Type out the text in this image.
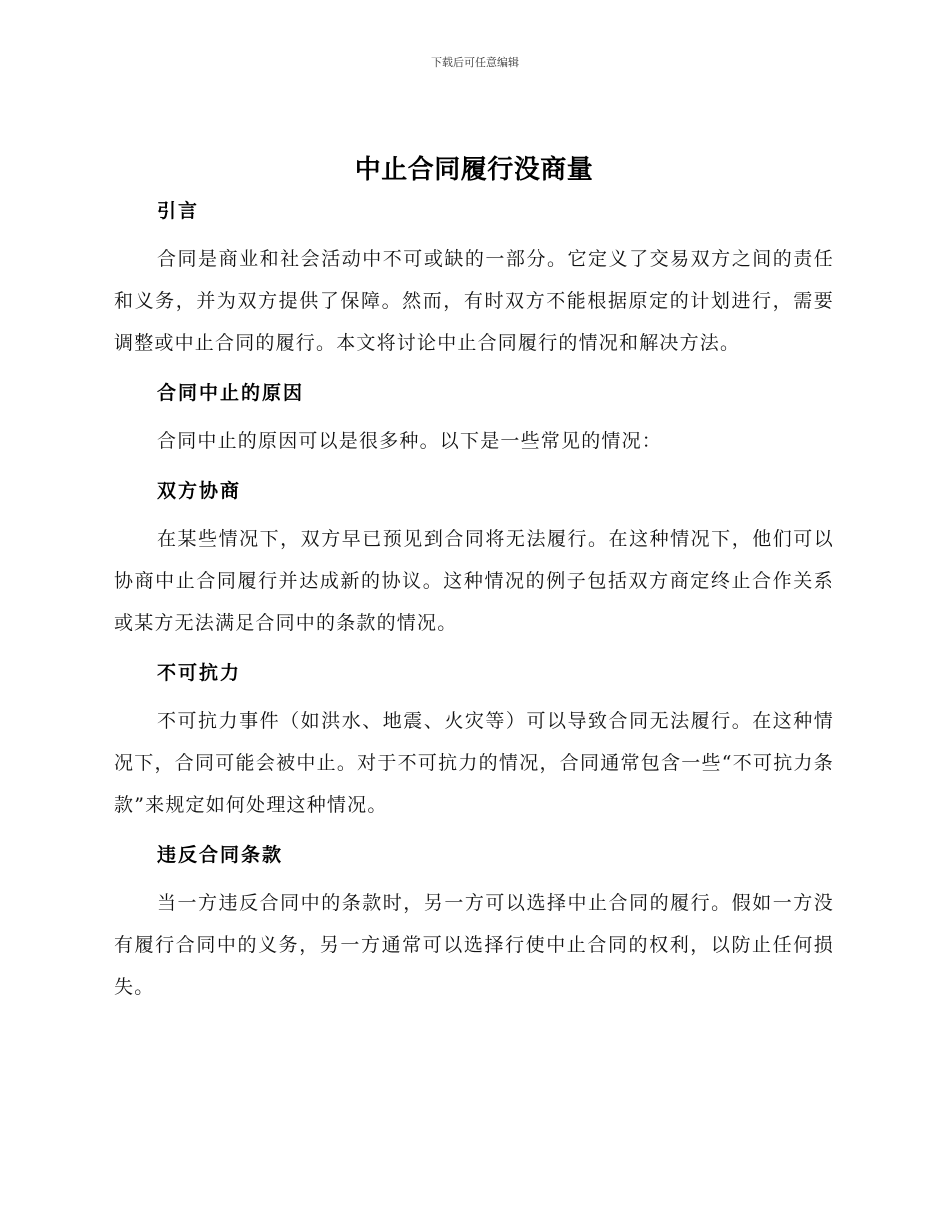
下载后可任意编辑
中止合同履行没商量
引言

合同是商业和社会活动中不可或缺的一部分。它定义了交易双方之间的责任和义务，并为双方提供了保障。然而，有时双方不能根据原定的计划进行，需要调整或中止合同的履行。本文将讨论中止合同履行的情况和解决方法。

合同中止的原因

合同中止的原因可以是很多种。以下是一些常见的情况：

双方协商

在某些情况下，双方早已预见到合同将无法履行。在这种情况下，他们可以协商中止合同履行并达成新的协议。这种情况的例子包括双方商定终止合作关系或某方无法满足合同中的条款的情况。

不可抗力

不可抗力事件（如洪水、地震、火灾等）可以导致合同无法履行。在这种情况下，合同可能会被中止。对于不可抗力的情况，合同通常包含一些“不可抗力条款”来规定如何处理这种情况。

违反合同条款

当一方违反合同中的条款时，另一方可以选择中止合同的履行。假如一方没有履行合同中的义务，另一方通常可以选择行使中止合同的权利，以防止任何损失。
